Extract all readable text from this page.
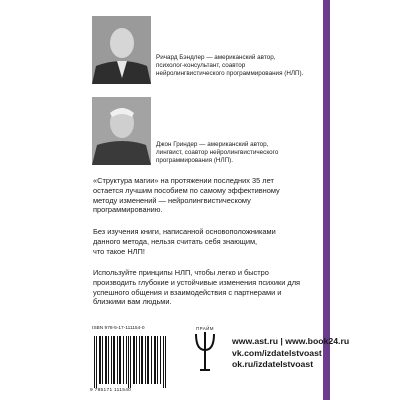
Ричард Бэндлер — американский автор,
психолог-консультант, соавтор
нейролингвистического программирования (НЛП).
Джон Гриндер — американский автор,
лингвист, соавтор нейролингвистического
программирования (НЛП).
«Структура магии» на протяжении последних 35 лет
остается лучшим пособием по самому эффективному
методу изменений — нейролингвистическому
программированию.
Без изучения книги, написанной основоположниками
данного метода, нельзя считать себя знающим,
что такое НЛП!
Используйте принципы НЛП, чтобы легко и быстро
производить глубокие и устойчивые изменения психики для
успешного общения и взаимодействия с партнерами и
близкими вам людьми.
ISBN 978-5-17-111154-0
9 785171 111540
ПРАЙМ
www.ast.ru | www.book24.ru
vk.com/izdatelstvoast
ok.ru/izdatelstvoast
